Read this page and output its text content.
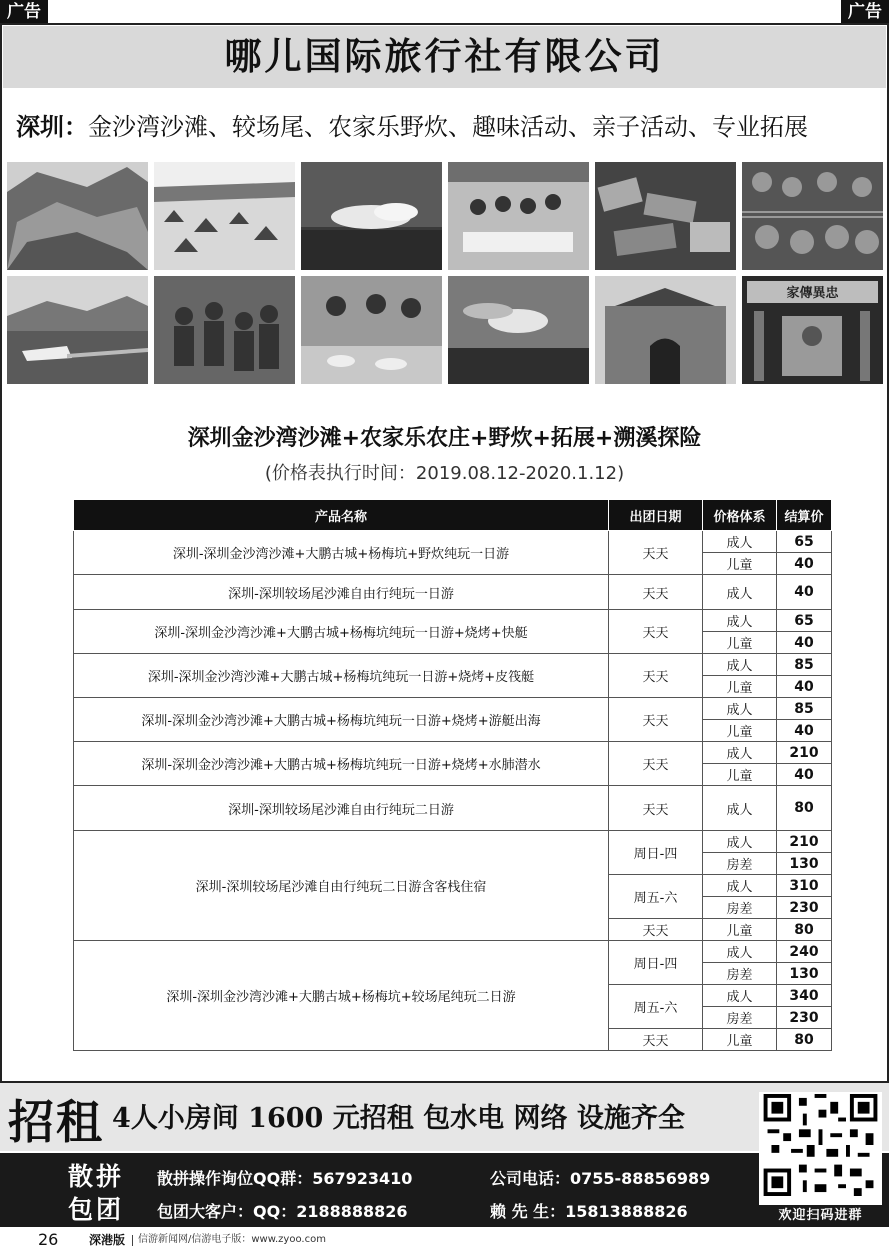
广告	广告
哪儿国际旅行社有限公司
深圳：金沙湾沙滩、较场尾、农家乐野炊、趣味活动、亲子活动、专业拓展
家傳異忠
深圳金沙湾沙滩+农家乐农庄+野炊+拓展+溯溪探险
(价格表执行时间：2019.08.12-2020.1.12)
产品名称	出团日期	价格体系	结算价
深圳-深圳金沙湾沙滩+大鹏古城+杨梅坑+野炊纯玩一日游	天天	成人	65
		儿童	40
深圳-深圳较场尾沙滩自由行纯玩一日游	天天	成人	40
深圳-深圳金沙湾沙滩+大鹏古城+杨梅坑纯玩一日游+烧烤+快艇	天天	成人	65
		儿童	40
深圳-深圳金沙湾沙滩+大鹏古城+杨梅坑纯玩一日游+烧烤+皮筏艇	天天	成人	85
		儿童	40
深圳-深圳金沙湾沙滩+大鹏古城+杨梅坑纯玩一日游+烧烤+游艇出海	天天	成人	85
		儿童	40
深圳-深圳金沙湾沙滩+大鹏古城+杨梅坑纯玩一日游+烧烤+水肺潜水	天天	成人	210
		儿童	40
深圳-深圳较场尾沙滩自由行纯玩二日游	天天	成人	80
深圳-深圳较场尾沙滩自由行纯玩二日游含客栈住宿	周日-四	成人	210
		房差	130
	周五-六	成人	310
		房差	230
	天天	儿童	80
深圳-深圳金沙湾沙滩+大鹏古城+杨梅坑+较场尾纯玩二日游	周日-四	成人	240
		房差	130
	周五-六	成人	340
		房差	230
	天天	儿童	80
招租 4人小房间 1600 元招租 包水电 网络 设施齐全
散拼
包团
散拼操作询位QQ群：567923410	公司电话：0755-88856989
包团大客户：QQ：2188888826	赖 先 生：15813888826	欢迎扫码进群
26	深港版 信游新闻网/信游电子版：www.zyoo.com
